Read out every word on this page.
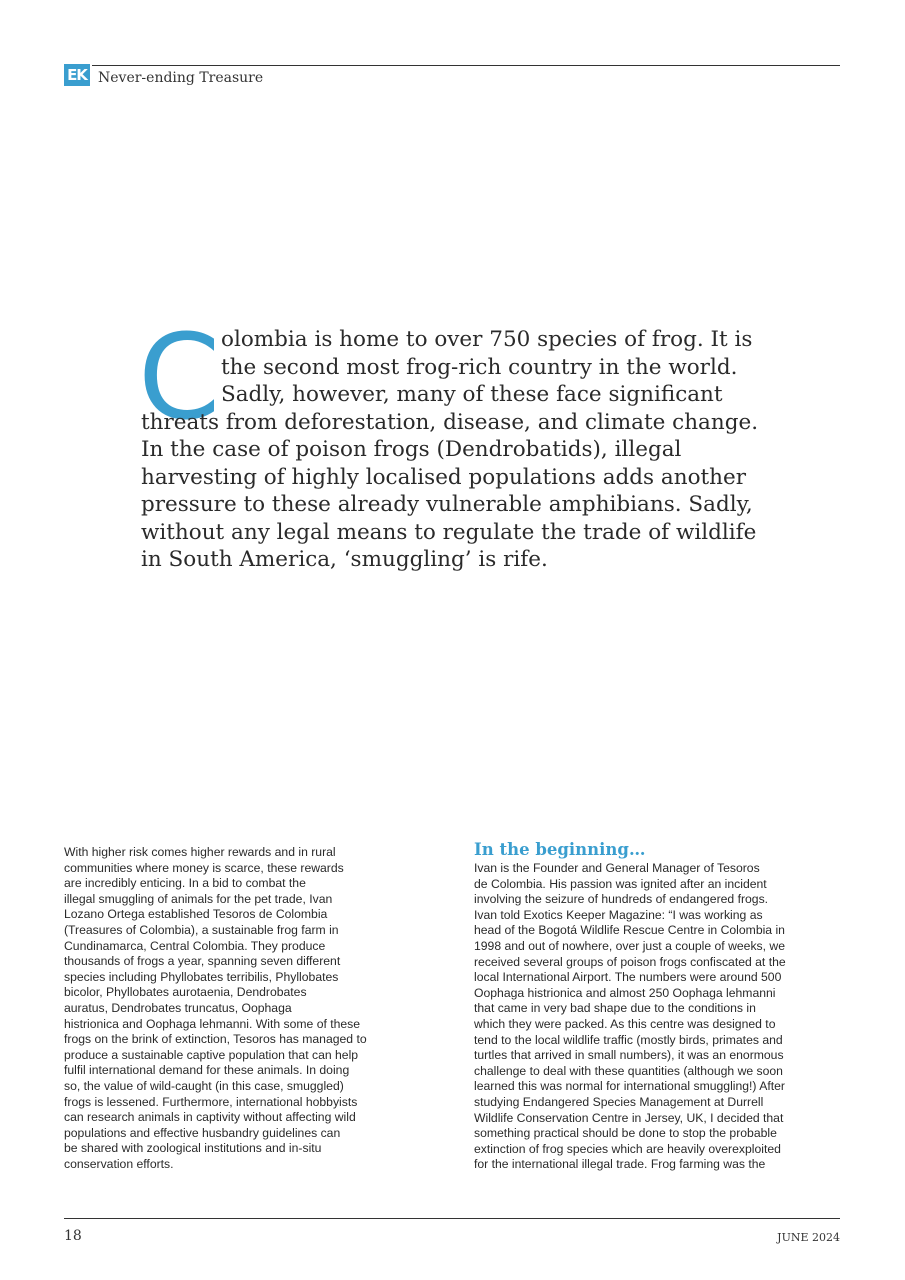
EK Never-ending Treasure
C olombia is home to over 750 species of frog. It is
the second most frog-rich country in the world.
Sadly, however, many of these face significant
threats from deforestation, disease, and climate change.
In the case of poison frogs (Dendrobatids), illegal
harvesting of highly localised populations adds another
pressure to these already vulnerable amphibians. Sadly,
without any legal means to regulate the trade of wildlife
in South America, ‘smuggling’ is rife.
With higher risk comes higher rewards and in rural
communities where money is scarce, these rewards
are incredibly enticing. In a bid to combat the
illegal smuggling of animals for the pet trade, Ivan
Lozano Ortega established Tesoros de Colombia
(Treasures of Colombia), a sustainable frog farm in
Cundinamarca, Central Colombia. They produce
thousands of frogs a year, spanning seven different
species including Phyllobates terribilis, Phyllobates
bicolor, Phyllobates aurotaenia, Dendrobates
auratus, Dendrobates truncatus, Oophaga
histrionica and Oophaga lehmanni. With some of these
frogs on the brink of extinction, Tesoros has managed to
produce a sustainable captive population that can help
fulfil international demand for these animals. In doing
so, the value of wild-caught (in this case, smuggled)
frogs is lessened. Furthermore, international hobbyists
can research animals in captivity without affecting wild
populations and effective husbandry guidelines can
be shared with zoological institutions and in-situ
conservation efforts.
In the beginning…
Ivan is the Founder and General Manager of Tesoros
de Colombia. His passion was ignited after an incident
involving the seizure of hundreds of endangered frogs.
Ivan told Exotics Keeper Magazine: “I was working as
head of the Bogotá Wildlife Rescue Centre in Colombia in
1998 and out of nowhere, over just a couple of weeks, we
received several groups of poison frogs confiscated at the
local International Airport. The numbers were around 500
Oophaga histrionica and almost 250 Oophaga lehmanni
that came in very bad shape due to the conditions in
which they were packed. As this centre was designed to
tend to the local wildlife traffic (mostly birds, primates and
turtles that arrived in small numbers), it was an enormous
challenge to deal with these quantities (although we soon
learned this was normal for international smuggling!) After
studying Endangered Species Management at Durrell
Wildlife Conservation Centre in Jersey, UK, I decided that
something practical should be done to stop the probable
extinction of frog species which are heavily overexploited
for the international illegal trade. Frog farming was the
18	JUNE 2024
